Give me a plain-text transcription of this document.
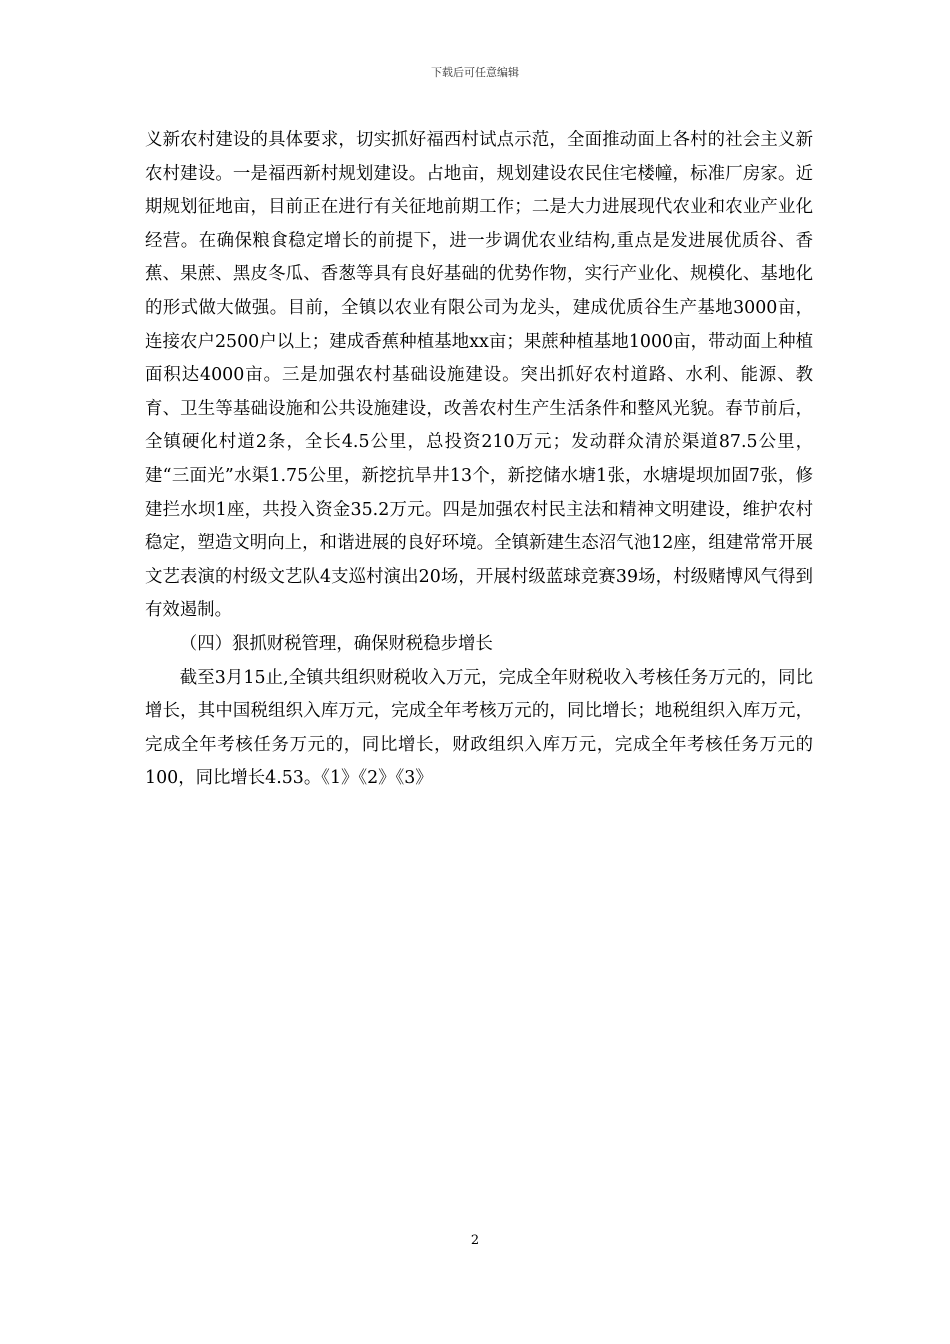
下载后可任意编辑

义新农村建设的具体要求，切实抓好福西村试点示范，全面推动面上各村的社会主义新农村建设。一是福西新村规划建设。占地亩，规划建设农民住宅楼幢，标准厂房家。近期规划征地亩，目前正在进行有关征地前期工作；二是大力进展现代农业和农业产业化经营。在确保粮食稳定增长的前提下，进一步调优农业结构,重点是发进展优质谷、香蕉、果蔗、黑皮冬瓜、香葱等具有良好基础的优势作物，实行产业化、规模化、基地化的形式做大做强。目前，全镇以农业有限公司为龙头，建成优质谷生产基地3000亩，连接农户2500户以上；建成香蕉种植基地xx亩；果蔗种植基地1000亩，带动面上种植面积达4000亩。三是加强农村基础设施建设。突出抓好农村道路、水利、能源、教育、卫生等基础设施和公共设施建设，改善农村生产生活条件和整风光貌。春节前后，全镇硬化村道2条，全长4.5公里，总投资210万元；发动群众清於渠道87.5公里，建“三面光”水渠1.75公里，新挖抗旱井13个，新挖储水塘1张，水塘堤坝加固7张，修建拦水坝1座，共投入资金35.2万元。四是加强农村民主法和精神文明建设，维护农村稳定，塑造文明向上，和谐进展的良好环境。全镇新建生态沼气池12座，组建常常开展文艺表演的村级文艺队4支巡村演出20场，开展村级蓝球竞赛39场，村级赌博风气得到有效遏制。

（四）狠抓财税管理，确保财税稳步增长

截至3月15止,全镇共组织财税收入万元，完成全年财税收入考核任务万元的，同比增长，其中国税组织入库万元，完成全年考核万元的，同比增长；地税组织入库万元，完成全年考核任务万元的，同比增长，财政组织入库万元，完成全年考核任务万元的100，同比增长4.53。《1》《2》《3》

2
